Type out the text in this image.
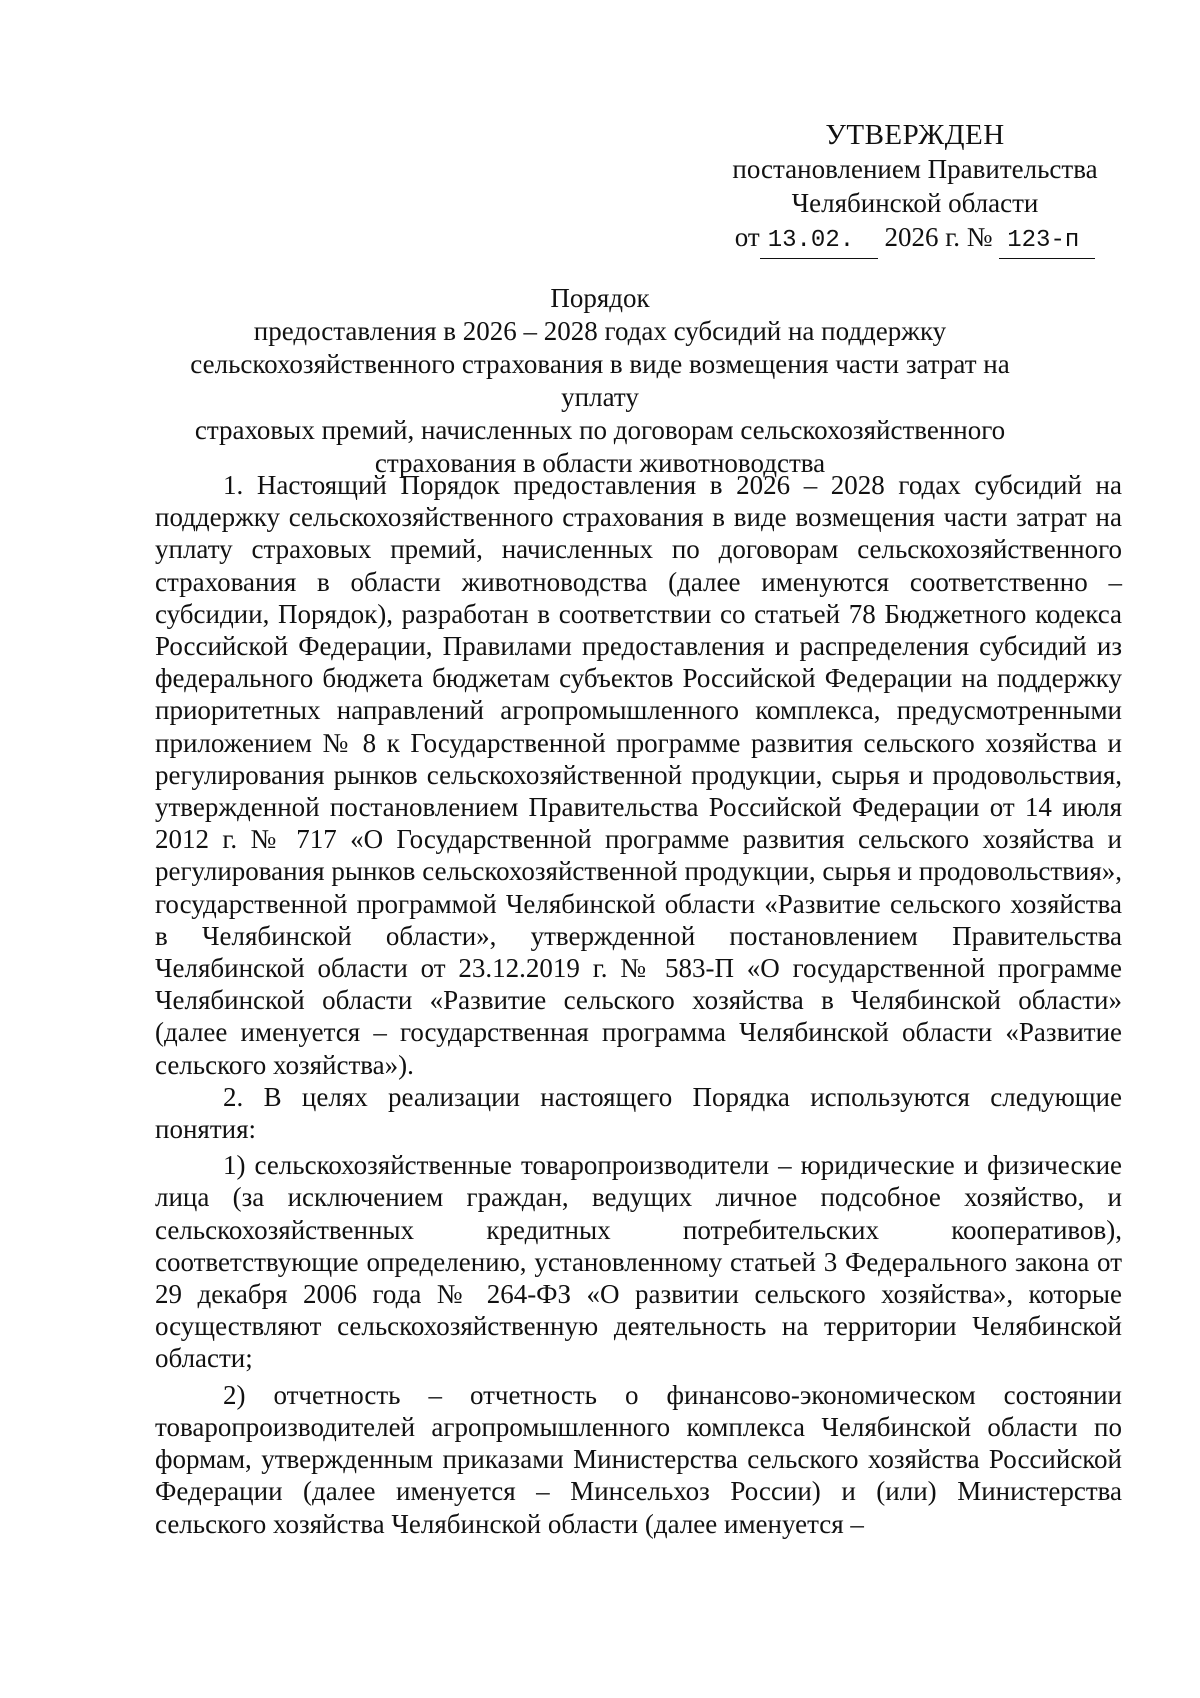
УТВЕРЖДЕН
постановлением Правительства
Челябинской области
от 13.02. 2026 г. № 123-п
Порядок
предоставления в 2026 – 2028 годах субсидий на поддержку
сельскохозяйственного страхования в виде возмещения части затрат на уплату
страховых премий, начисленных по договорам сельскохозяйственного
страхования в области животноводства

1. Настоящий Порядок предоставления в 2026 – 2028 годах субсидий на поддержку сельскохозяйственного страхования в виде возмещения части затрат на уплату страховых премий, начисленных по договорам сельскохозяйственного страхования в области животноводства (далее именуются соответственно – субсидии, Порядок), разработан в соответствии со статьей 78 Бюджетного кодекса Российской Федерации, Правилами предоставления и распределения субсидий из федерального бюджета бюджетам субъектов Российской Федерации на поддержку приоритетных направлений агропромышленного комплекса, предусмотренными приложением № 8 к Государственной программе развития сельского хозяйства и регулирования рынков сельскохозяйственной продукции, сырья и продовольствия, утвержденной постановлением Правительства Российской Федерации от 14 июля 2012 г. № 717 «О Государственной программе развития сельского хозяйства и регулирования рынков сельскохозяйственной продукции, сырья и продовольствия», государственной программой Челябинской области «Развитие сельского хозяйства в Челябинской области», утвержденной постановлением Правительства Челябинской области от 23.12.2019 г. № 583-П «О государственной программе Челябинской области «Развитие сельского хозяйства в Челябинской области» (далее именуется – государственная программа Челябинской области «Развитие сельского хозяйства»).

2. В целях реализации настоящего Порядка используются следующие понятия:

1) сельскохозяйственные товаропроизводители – юридические и физические лица (за исключением граждан, ведущих личное подсобное хозяйство, и сельскохозяйственных кредитных потребительских кооперативов), соответствующие определению, установленному статьей 3 Федерального закона от 29 декабря 2006 года № 264-ФЗ «О развитии сельского хозяйства», которые осуществляют сельскохозяйственную деятельность на территории Челябинской области;

2) отчетность – отчетность о финансово-экономическом состоянии товаропроизводителей агропромышленного комплекса Челябинской области по формам, утвержденным приказами Министерства сельского хозяйства Российской Федерации (далее именуется – Минсельхоз России) и (или) Министерства сельского хозяйства Челябинской области (далее именуется –
